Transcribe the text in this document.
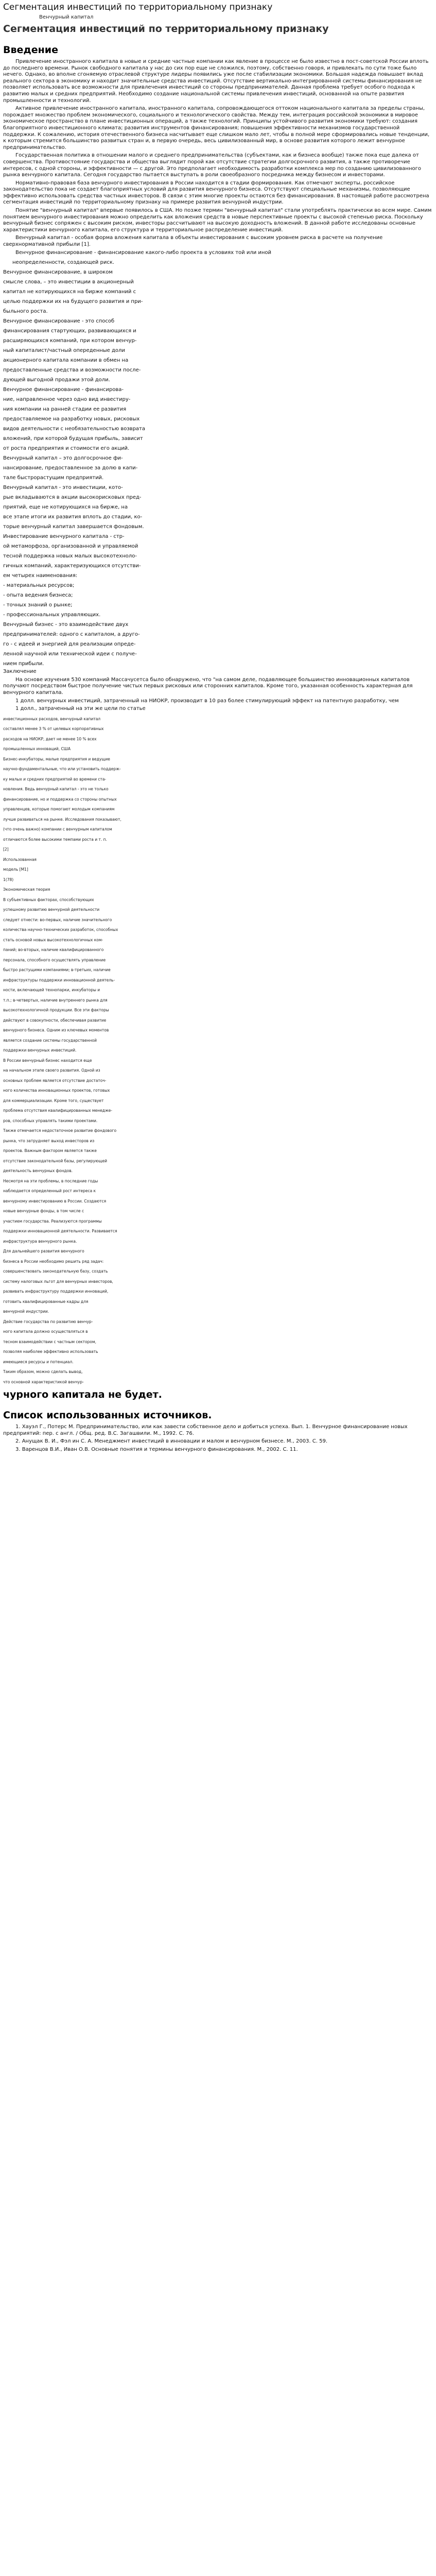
Сегментация инвестиций по территориальному признаку
Венчурный капитал
Сегментация инвестиций по территориальному признаку
Введение

Привлечение иностранного капитала в новые и средние частные компании как явление в процессе не было известно в пост-советской России вплоть до последнего времени. Рынок свободного капитала у нас до сих пор еще не сложился, поэтому, собственно говоря, и привлекать по сути тоже было нечего. Однако, во вполне сгоняемую отраслевой структуре лидеры появились уже после стабилизации экономики. Большая надежда повышает вклад реального сектора в экономику и находит значительные средства инвестиций. Отсутствие вертикально-интегрированной системы финансирования не позволяет использовать все возможности для привлечения инвестиций со стороны предпринимателей. Данная проблема требует особого подхода к развитию малых и средних предприятий. Необходимо создание национальной системы привлечения инвестиций, основанной на опыте развития промышленности и технологий.

Активное привлечение иностранного капитала, иностранного капитала, сопровождающегося оттоком национального капитала за пределы страны, порождает множество проблем экономического, социального и технологического свойства. Между тем, интеграция российской экономики в мировое экономическое пространство в плане инвестиционных операций, а также технологий. Принципы устойчивого развития экономики требуют: создания благоприятного инвестиционного климата; развития инструментов финансирования; повышения эффективности механизмов государственной поддержки. К сожалению, история отечественного бизнеса насчитывает еще слишком мало лет, чтобы в полной мере сформировались новые тенденции, к которым стремится большинство развитых стран и, в первую очередь, весь цивилизованный мир, в основе развития которого лежит венчурное предпринимательство.

Государственная политика в отношении малого и среднего предпринимательства (субъектами, как и бизнеса вообще) также пока еще далека от совершенства. Противостояние государства и общества выглядит порой как отсутствие стратегии долгосрочного развития, а также противоречие интересов, с одной стороны, и эффективности — с другой. Это предполагает необходимость разработки комплекса мер по созданию цивилизованного рынка венчурного капитала. Сегодня государство пытается выступать в роли своеобразного посредника между бизнесом и инвесторами.

Нормативно-правовая база венчурного инвестирования в России находится в стадии формирования. Как отмечают эксперты, российское законодательство пока не создает благоприятных условий для развития венчурного бизнеса. Отсутствуют специальные механизмы, позволяющие эффективно использовать средства частных инвесторов. В связи с этим многие проекты остаются без финансирования. В настоящей работе рассмотрена сегментация инвестиций по территориальному признаку на примере развития венчурной индустрии.

Понятие "венчурный капитал" впервые появилось в США. Но позже термин "венчурный капитал" стали употреблять практически во всем мире. Самим понятием венчурного инвестирования можно определить как вложения средств в новые перспективные проекты с высокой степенью риска. Поскольку венчурный бизнес сопряжен с высоким риском, инвесторы рассчитывают на высокую доходность вложений. В данной работе исследованы основные характеристики венчурного капитала, его структура и территориальное распределение инвестиций.

Венчурный капитал - особая форма вложения капитала в объекты инвестирования с высоким уровнем риска в расчете на получение сверхнормативной прибыли [1].

Венчурное финансирование - финансирование какого-либо проекта в условиях той или иной

неопределенности, создающей риск.

Венчурное финансирование, в широком

смысле слова, – это инвестиции в акционерный

капитал не котирующихся на бирже компаний с

целью поддержки их на будущего развития и при-

быльного роста.

Венчурное финансирование - это способ

финансирования стартующих, развивающихся и

расширяющихся компаний, при котором венчур-

ный капиталист/частный опереденные доли

акционерного капитала компании в обмен на

предоставленные средства и возможности после-

дующей выгодной продажи этой доли.

Венчурное финансирование - финансирова-

ние, направленное через одно вид инвестиру-

ния компании на ранней стадии ее развития

предоставляемое на разработку новых, рисковых

видов деятельности с необязательностью возврата

вложений, при которой будущая прибыль, зависит

от роста предприятия и стоимости его акций.

Венчурный капитал – это долгосрочное фи-

нансирование, предоставленное за долю в капи-

тале быстрорастущим предприятий.

Венчурный капитал - это инвестиции, кото-

рые вкладываются в акции высокорисковых пред-

приятий, еще не котирующихся на бирже, на

все этапе итоги их развития вплоть до стадии, ко-

торые венчурный капитал завершается фондовым.

Инвестирование венчурного капитала - стр-

ой метаморфоза, организованной и управляемой

тесной поддержка новых малых высокотехноло-

гичных компаний, характеризующихся отсутстви-

ем четырех наименования:

- материальных ресурсов;

- опыта ведения бизнеса;

- точных знаний о рынке;

- профессиональных управляющих.

Венчурный бизнес - это взаимодействие двух

предпринимателей: одного с капиталом, а друго-

го - с идеей и энергией для реализации опреде-

ленной научной или технической идеи с получе-

нием прибыли.

Заключение

На основе изучения 530 компаний Массачусетса было обнаружено, что "на самом деле, подавляющее большинство инновационных капиталов получают посредством быстрое получение чистых первых рисковых или сторонних капиталов. Кроме того, указанная особенность характерная для венчурного капитала.

1 долл. венчурных инвестиций, затраченный на НИОКР, производит в 10 раз более стимулирующий эффект на патентную разработку, чем

1 долл., затраченный на эти же цели по статье

инвестиционных расходов, венчурный капитал

составлял менее 3 % от целевых корпоративных

расходов на НИОКР, дает не менее 10 % всех

промышленных инноваций, США

Бизнес-инкубаторы, малые предприятия и ведущие

научно-фундаментальные, что или установить поддерж-

ку малых и средних предприятий во времени ста-

новления. Ведь венчурный капитал - это не только

финансирование, но и поддержка со стороны опытных

управленцев, которые помогают молодым компаниям

лучше развиваться на рынке. Исследования показывают,

(что очень важно) компании с венчурным капиталом

отличаются более высокими темпами роста и т. п.

[2]

Использованная

модель [М1]

1(78)

Экономическая теория

В субъективных факторах, способствующих

успешному развитию венчурной деятельности

следует отнести: во-первых, наличие значительного

количества научно-технических разработок, способных

стать основой новых высокотехнологичных ком-

паний; во-вторых, наличие квалифицированного

персонала, способного осуществлять управление

быстро растущими компаниями; в-третьих, наличие

инфраструктуры поддержки инновационной деятель-

ности, включающей технопарки, инкубаторы и

т.п.; в-четвертых, наличие внутреннего рынка для

высокотехнологичной продукции. Все эти факторы

действуют в совокупности, обеспечивая развитие

венчурного бизнеса. Одним из ключевых моментов

является создание системы государственной

поддержки венчурных инвестиций.

В России венчурный бизнес находится еще

на начальном этапе своего развития. Одной из

основных проблем является отсутствие достаточ-

ного количества инновационных проектов, готовых

для коммерциализации. Кроме того, существует

проблема отсутствия квалифицированных менедже-

ров, способных управлять такими проектами.

Также отмечается недостаточное развитие фондового

рынка, что затрудняет выход инвесторов из

проектов. Важным фактором является также

отсутствие законодательной базы, регулирующей

деятельность венчурных фондов.

Несмотря на эти проблемы, в последние годы

наблюдается определенный рост интереса к

венчурному инвестированию в России. Создаются

новые венчурные фонды, в том числе с

участием государства. Реализуются программы

поддержки инновационной деятельности. Развивается

инфраструктура венчурного рынка.

Для дальнейшего развития венчурного

бизнеса в России необходимо решить ряд задач:

совершенствовать законодательную базу, создать

систему налоговых льгот для венчурных инвесторов,

развивать инфраструктуру поддержки инноваций,

готовить квалифицированные кадры для

венчурной индустрии.

Действие государства по развитию венчур-

ного капитала должно осуществляться в

тесном взаимодействии с частным сектором,

позволяя наиболее эффективно использовать

имеющиеся ресурсы и потенциал.

Таким образом, можно сделать вывод,

что основной характеристикой венчур-

чурного капитала не будет.
Список использованных источников.
1. Хауэл Г., Потерс М. Предпринимательство, или как завести собственное дело и добиться успеха. Вып. 1. Венчурное финансирование новых предприятий: пер. с англ. / Общ. ред. В.С. Загашвили. М., 1992. С. 76.
2. Анущак В. И., Фэл ин С. А. Менеджмент инвестиций в инновации и малом и венчурном бизнесе. М., 2003. С. 59.
3. Варенцов В.И., Иван О.В. Основные понятия и термины венчурного финансирования. М., 2002. С. 11.
